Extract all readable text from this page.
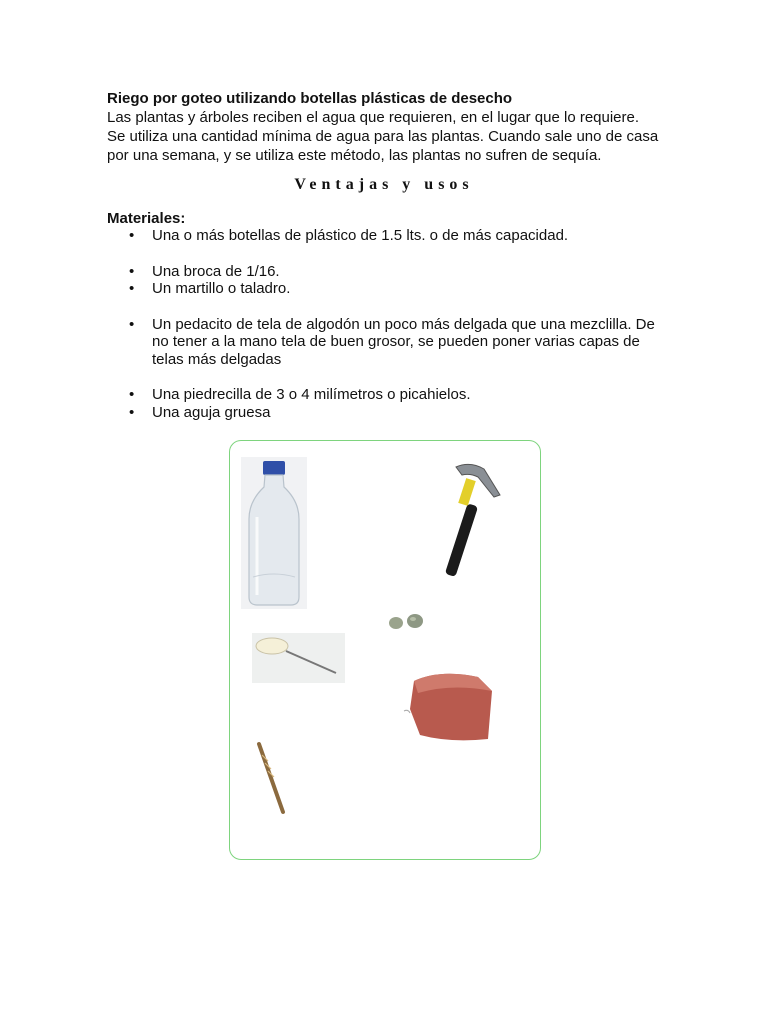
Riego por goteo utilizando botellas plásticas de desecho
Las plantas y árboles reciben el agua que requieren, en el lugar que lo requiere.
Se utiliza una cantidad mínima de agua para las plantas. Cuando sale uno de casa
por una semana, y se utiliza este método, las plantas no sufren de sequía.
Ventajas y usos
Materiales:
• Una o más botellas de plástico de 1.5 lts. o de más capacidad.
• Una broca de 1/16.
• Un martillo o taladro.
• Un pedacito de tela de algodón un poco más delgada que una mezclilla. De no tener a la mano tela de buen grosor, se pueden poner varias capas de telas más delgadas
• Una piedrecilla de 3 o 4 milímetros o picahielos.
• Una aguja gruesa
